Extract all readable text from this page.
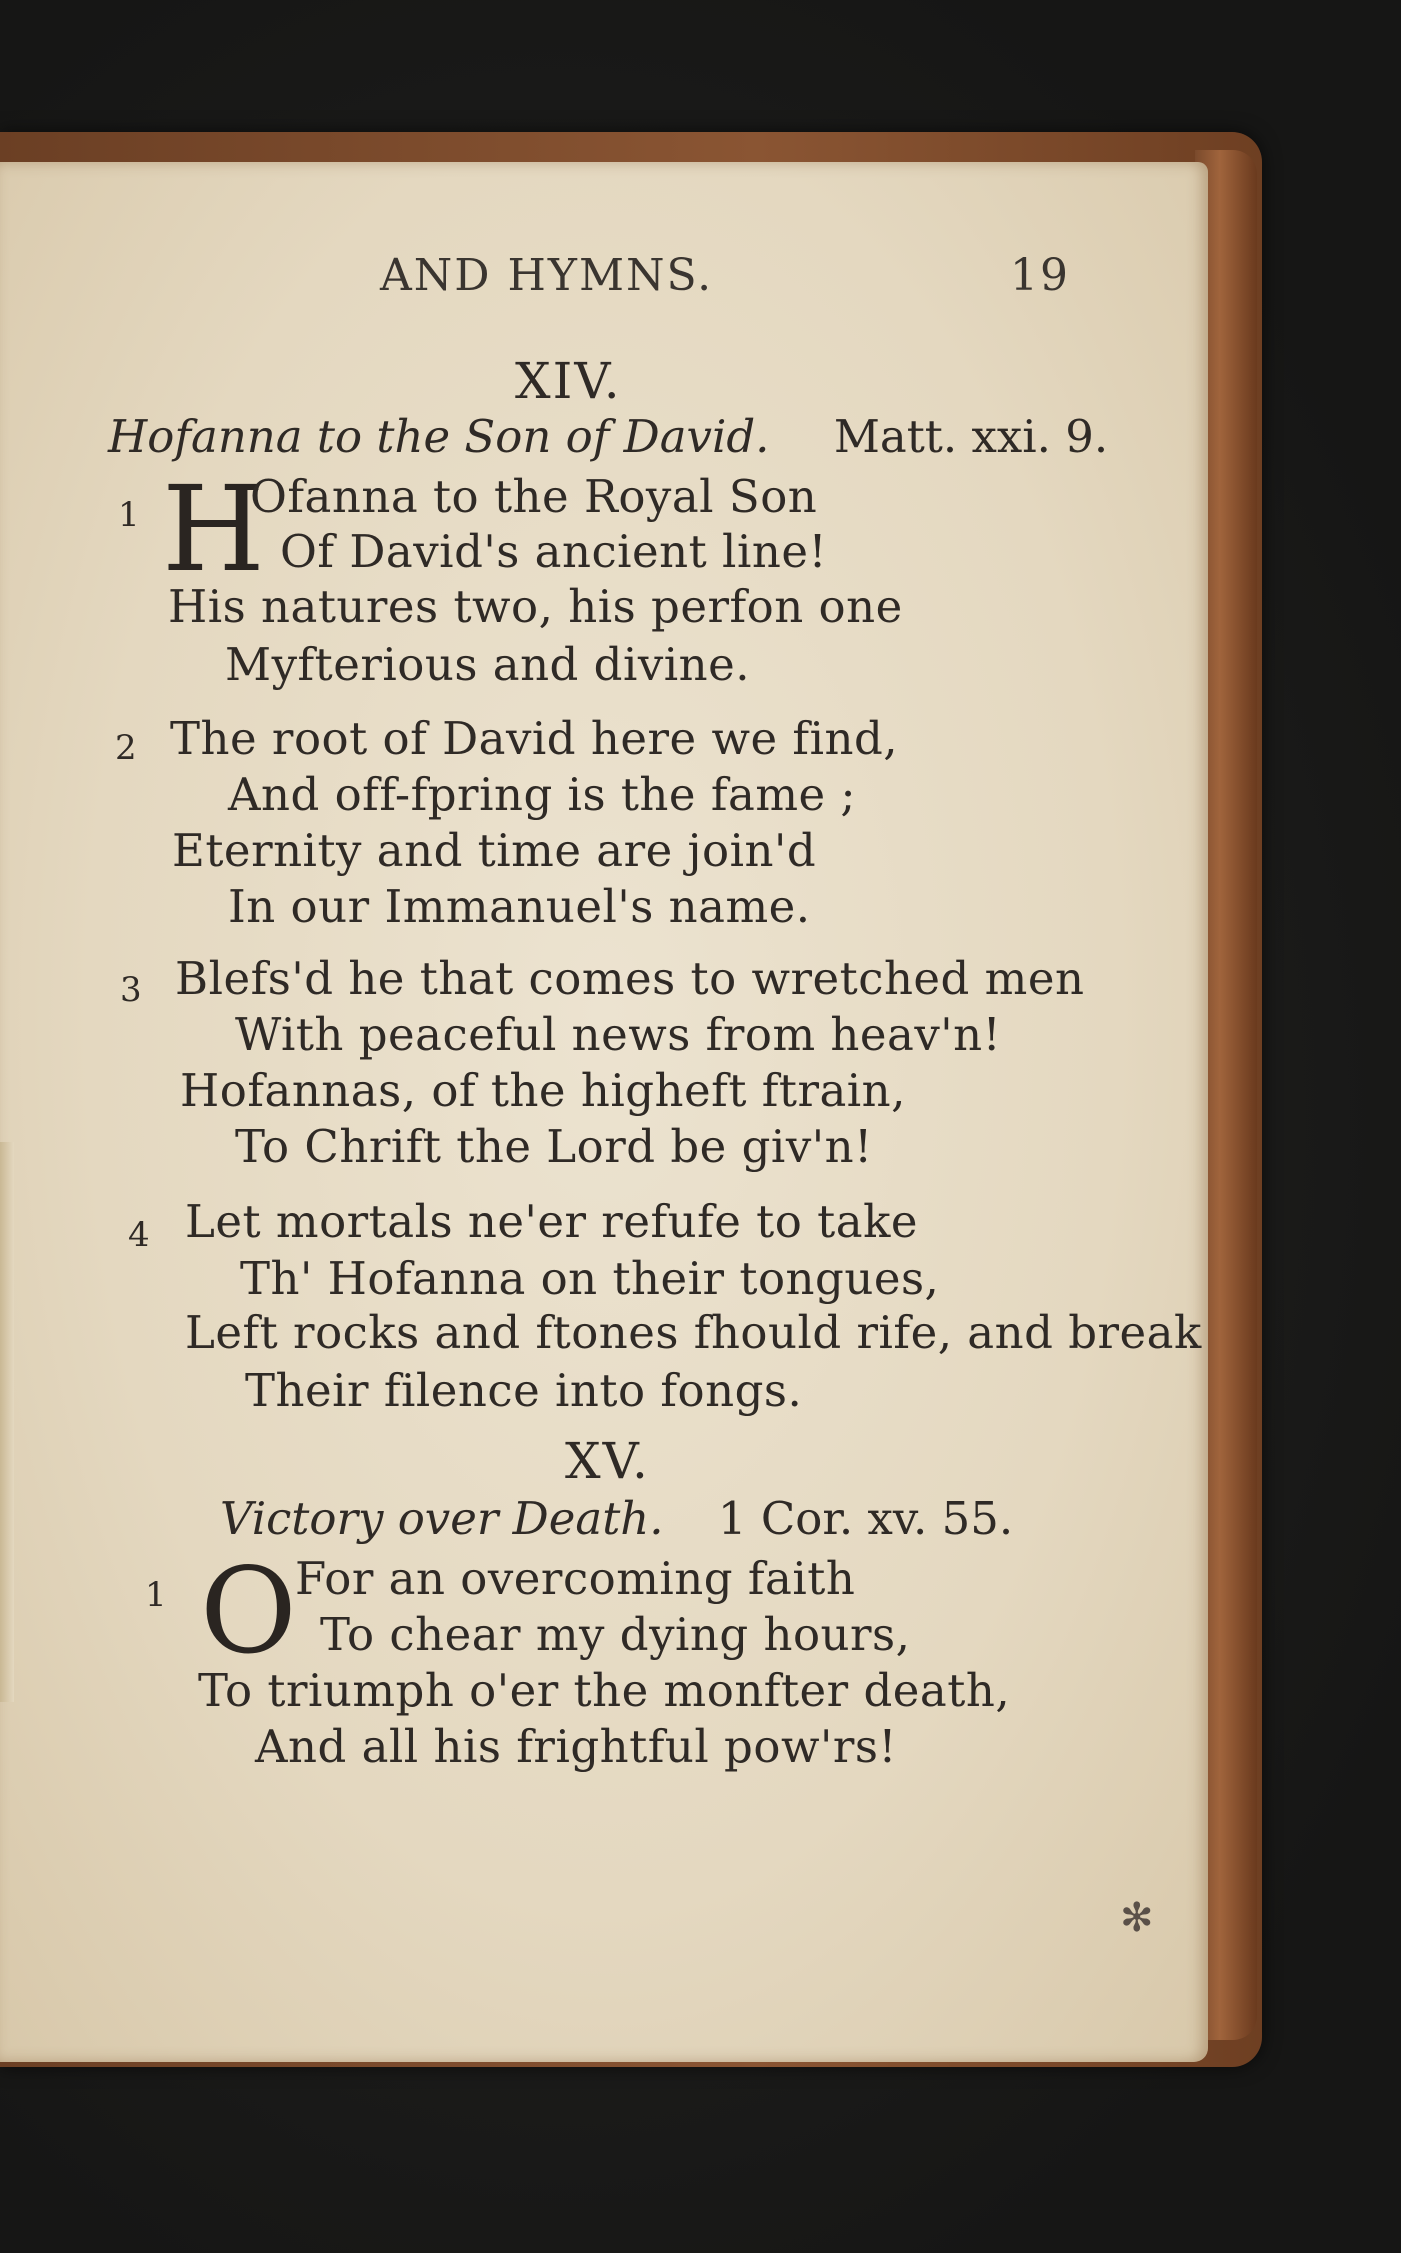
AND HYMNS.	19
XIV.
Hofanna to the Son of David. Matt. xxi. 9.
1 H
Ofanna to the Royal Son
Of David's ancient line!
His natures two, his perfon one
Myfterious and divine.
2 The root of David here we find,
And off-fpring is the fame ;
Eternity and time are join'd
In our Immanuel's name.
3 Blefs'd he that comes to wretched men
With peaceful news from heav'n!
Hofannas, of the higheft ftrain,
To Chrift the Lord be giv'n!
4 Let mortals ne'er refufe to take
Th' Hofanna on their tongues,
Left rocks and ftones fhould rife, and break
Their filence into fongs.
XV.
Victory over Death. 1 Cor. xv. 55.
1 O
For an overcoming faith
To chear my dying hours,
To triumph o'er the monfter death,
And all his frightful pow'rs!
✻
